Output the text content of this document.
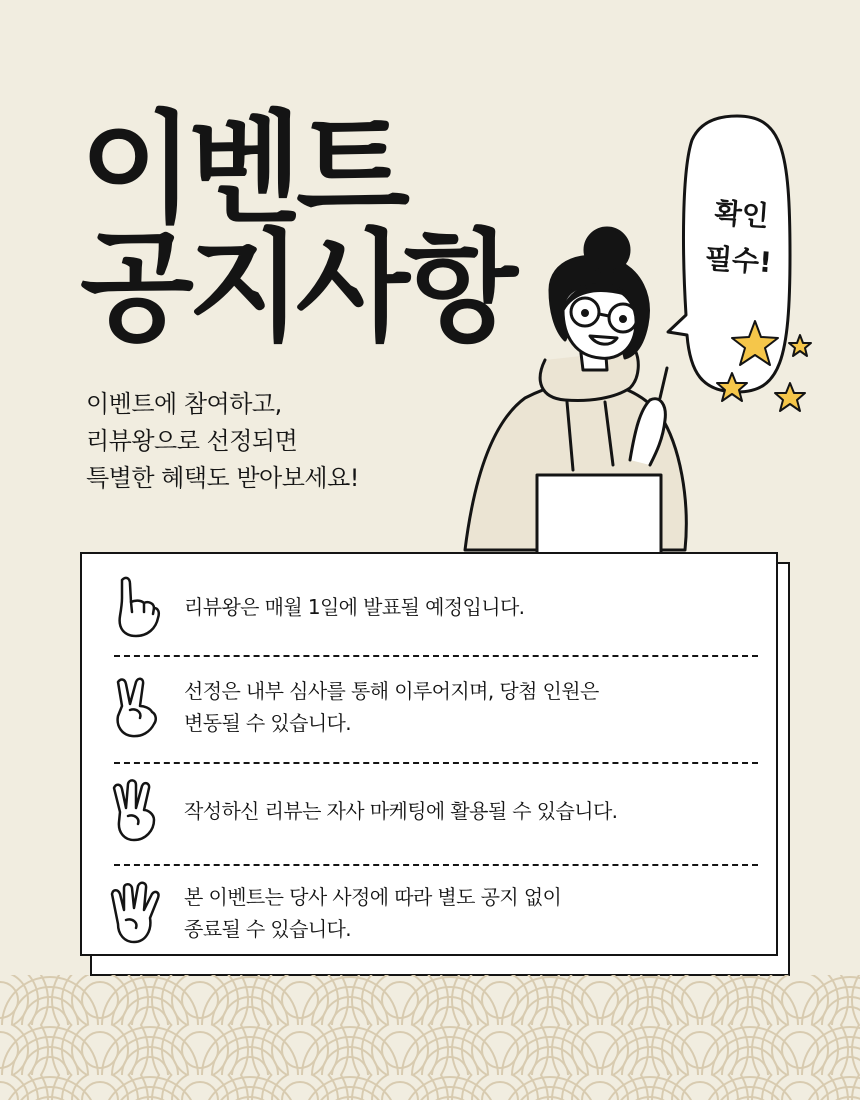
이벤트
공지사항
이벤트에 참여하고,
리뷰왕으로 선정되면
특별한 혜택도 받아보세요!
확인
필수!
리뷰왕은 매월 1일에 발표될 예정입니다.
선정은 내부 심사를 통해 이루어지며, 당첨 인원은
변동될 수 있습니다.
작성하신 리뷰는 자사 마케팅에 활용될 수 있습니다.
본 이벤트는 당사 사정에 따라 별도 공지 없이
종료될 수 있습니다.
